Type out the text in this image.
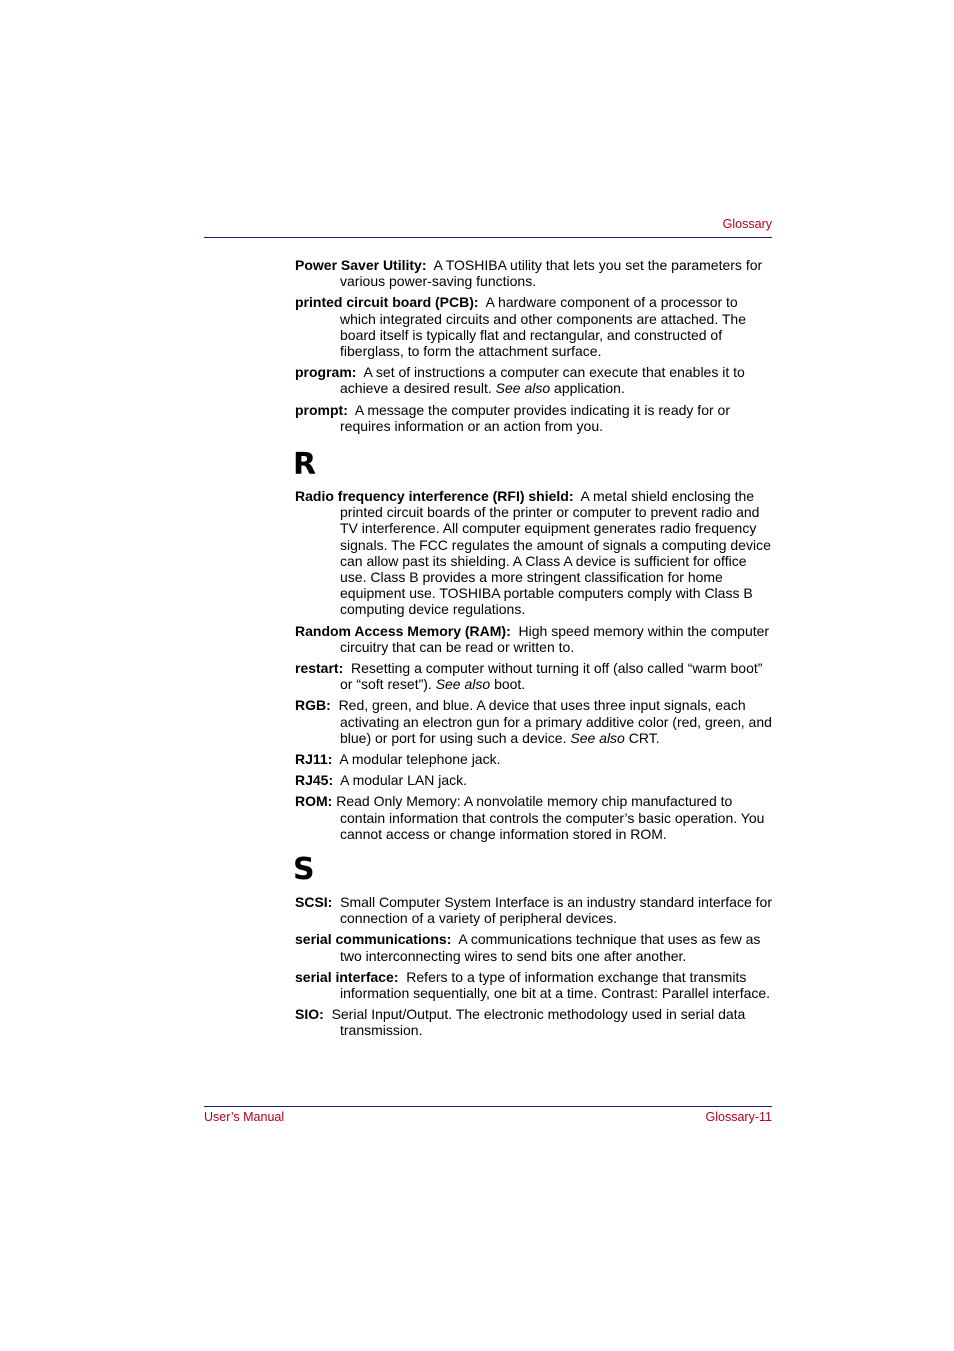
Glossary

Power Saver Utility: A TOSHIBA utility that lets you set the parameters for various power-saving functions.

printed circuit board (PCB): A hardware component of a processor to which integrated circuits and other components are attached. The board itself is typically flat and rectangular, and constructed of fiberglass, to form the attachment surface.

program: A set of instructions a computer can execute that enables it to achieve a desired result. See also application.

prompt: A message the computer provides indicating it is ready for or requires information or an action from you.

R

Radio frequency interference (RFI) shield: A metal shield enclosing the printed circuit boards of the printer or computer to prevent radio and TV interference. All computer equipment generates radio frequency signals. The FCC regulates the amount of signals a computing device can allow past its shielding. A Class A device is sufficient for office use. Class B provides a more stringent classification for home equipment use. TOSHIBA portable computers comply with Class B computing device regulations.

Random Access Memory (RAM): High speed memory within the computer circuitry that can be read or written to.

restart: Resetting a computer without turning it off (also called “warm boot” or “soft reset”). See also boot.

RGB: Red, green, and blue. A device that uses three input signals, each activating an electron gun for a primary additive color (red, green, and blue) or port for using such a device. See also CRT.

RJ11: A modular telephone jack.

RJ45: A modular LAN jack.

ROM: Read Only Memory: A nonvolatile memory chip manufactured to contain information that controls the computer’s basic operation. You cannot access or change information stored in ROM.

S

SCSI: Small Computer System Interface is an industry standard interface for connection of a variety of peripheral devices.

serial communications: A communications technique that uses as few as two interconnecting wires to send bits one after another.

serial interface: Refers to a type of information exchange that transmits information sequentially, one bit at a time. Contrast: Parallel interface.

SIO: Serial Input/Output. The electronic methodology used in serial data transmission.

User’s Manual	Glossary-11
